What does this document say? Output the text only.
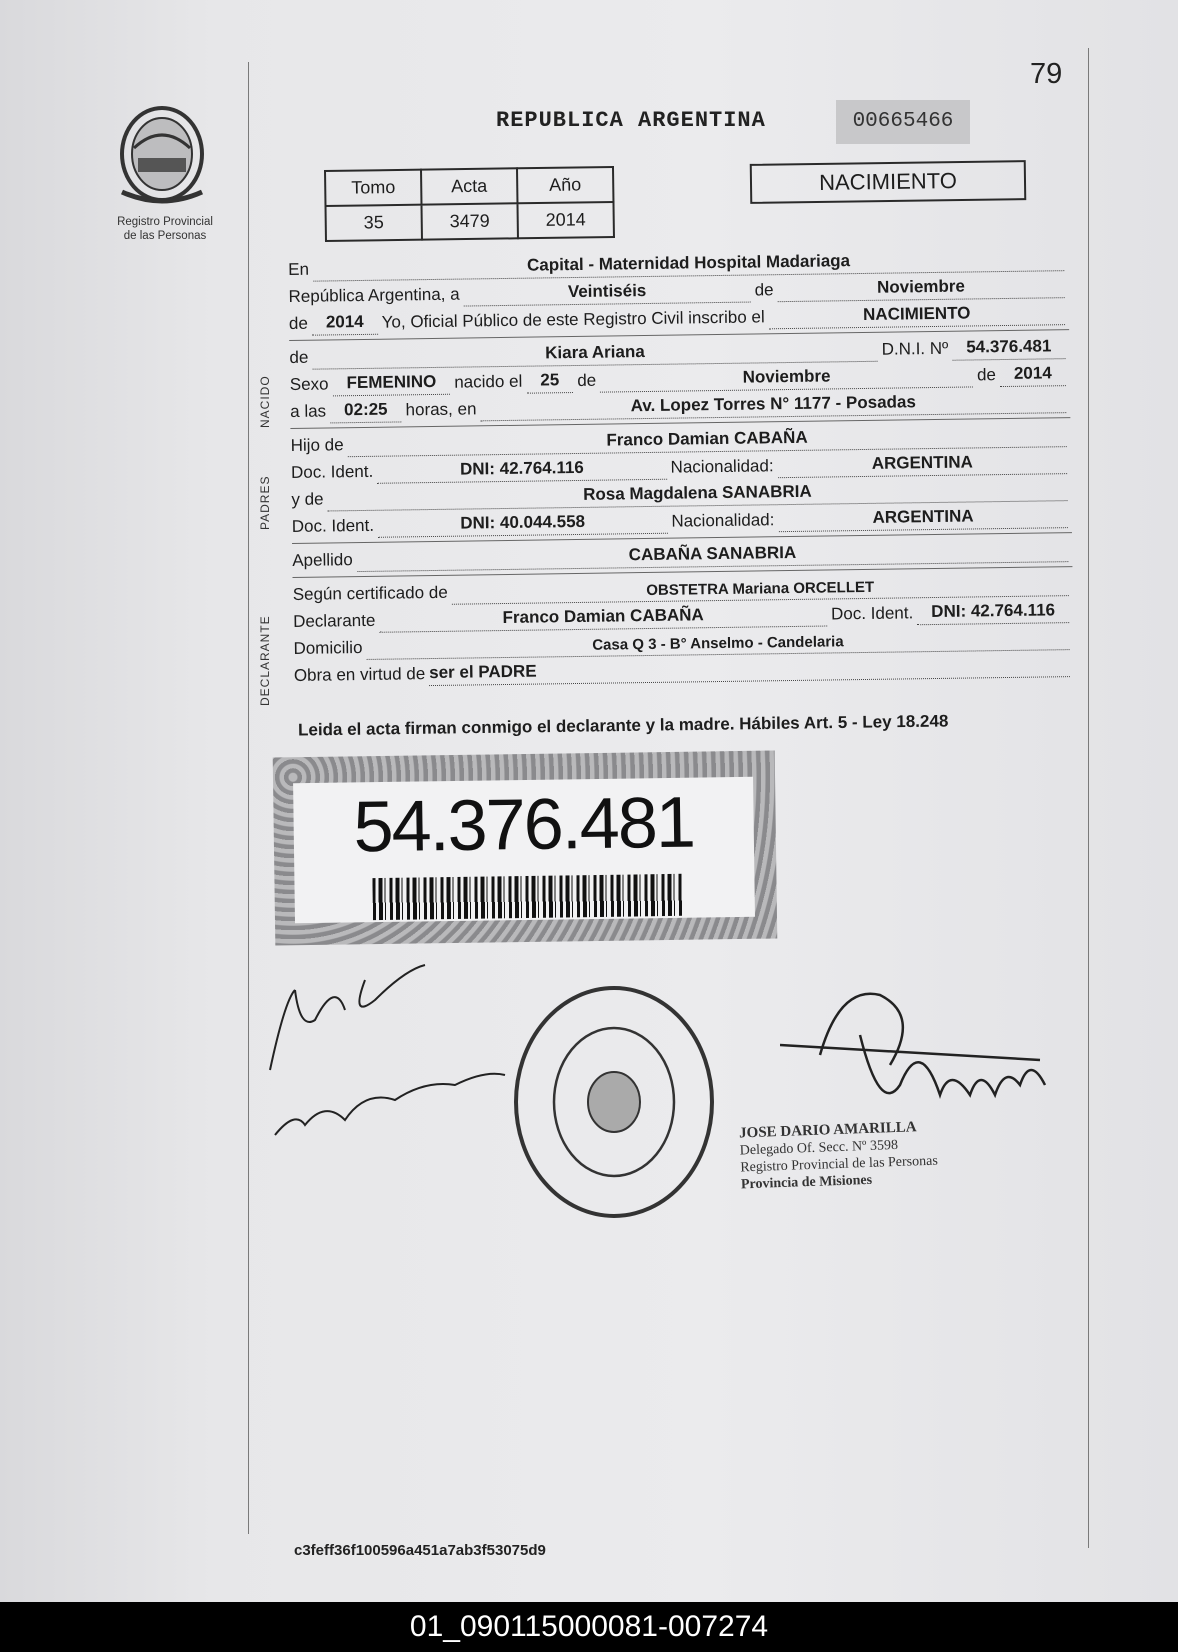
Registro Provincial
de las Personas
79
REPUBLICA ARGENTINA	00665466
Tomo	Acta	Año
35	3479	2014
NACIMIENTO
En	Capital - Maternidad Hospital Madariaga
República Argentina, a	Veintiséis	de	Noviembre
de	2014	Yo, Oficial Público de este Registro Civil inscribo el	NACIMIENTO
de	Kiara Ariana	D.N.I. Nº	54.376.481
Sexo	FEMENINO	nacido el	25	de	Noviembre	de	2014
a las	02:25	horas, en	Av. Lopez Torres N° 1177 - Posadas
Hijo de	Franco Damian CABAÑA
Doc. Ident.	DNI: 42.764.116	Nacionalidad:	ARGENTINA
y de	Rosa Magdalena SANABRIA
Doc. Ident.	DNI: 40.044.558	Nacionalidad:	ARGENTINA
Apellido	CABAÑA SANABRIA
Según certificado de	OBSTETRA Mariana ORCELLET
Declarante	Franco Damian CABAÑA	Doc. Ident.	DNI: 42.764.116
Domicilio	Casa Q 3 - B° Anselmo - Candelaria
Obra en virtud de ser el PADRE
NACIDO
PADRES
DECLARANTE
Leida el acta firman conmigo el declarante y la madre. Hábiles Art. 5 - Ley 18.248
54.376.481
JOSE DARIO AMARILLA
Delegado Of. Secc. Nº 3598
Registro Provincial de las Personas
Provincia de Misiones
c3feff36f100596a451a7ab3f53075d9
01_090115000081-007274
